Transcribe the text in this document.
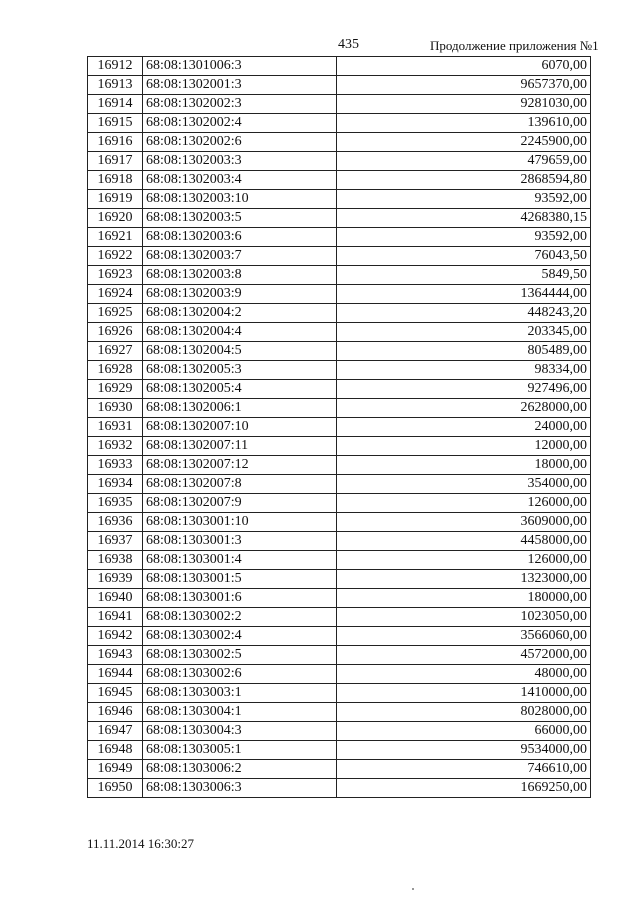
435	Продолжение приложения №1
16912	68:08:1301006:3	6070,00
16913	68:08:1302001:3	9657370,00
16914	68:08:1302002:3	9281030,00
16915	68:08:1302002:4	139610,00
16916	68:08:1302002:6	2245900,00
16917	68:08:1302003:3	479659,00
16918	68:08:1302003:4	2868594,80
16919	68:08:1302003:10	93592,00
16920	68:08:1302003:5	4268380,15
16921	68:08:1302003:6	93592,00
16922	68:08:1302003:7	76043,50
16923	68:08:1302003:8	5849,50
16924	68:08:1302003:9	1364444,00
16925	68:08:1302004:2	448243,20
16926	68:08:1302004:4	203345,00
16927	68:08:1302004:5	805489,00
16928	68:08:1302005:3	98334,00
16929	68:08:1302005:4	927496,00
16930	68:08:1302006:1	2628000,00
16931	68:08:1302007:10	24000,00
16932	68:08:1302007:11	12000,00
16933	68:08:1302007:12	18000,00
16934	68:08:1302007:8	354000,00
16935	68:08:1302007:9	126000,00
16936	68:08:1303001:10	3609000,00
16937	68:08:1303001:3	4458000,00
16938	68:08:1303001:4	126000,00
16939	68:08:1303001:5	1323000,00
16940	68:08:1303001:6	180000,00
16941	68:08:1303002:2	1023050,00
16942	68:08:1303002:4	3566060,00
16943	68:08:1303002:5	4572000,00
16944	68:08:1303002:6	48000,00
16945	68:08:1303003:1	1410000,00
16946	68:08:1303004:1	8028000,00
16947	68:08:1303004:3	66000,00
16948	68:08:1303005:1	9534000,00
16949	68:08:1303006:2	746610,00
16950	68:08:1303006:3	1669250,00
11.11.2014 16:30:27
